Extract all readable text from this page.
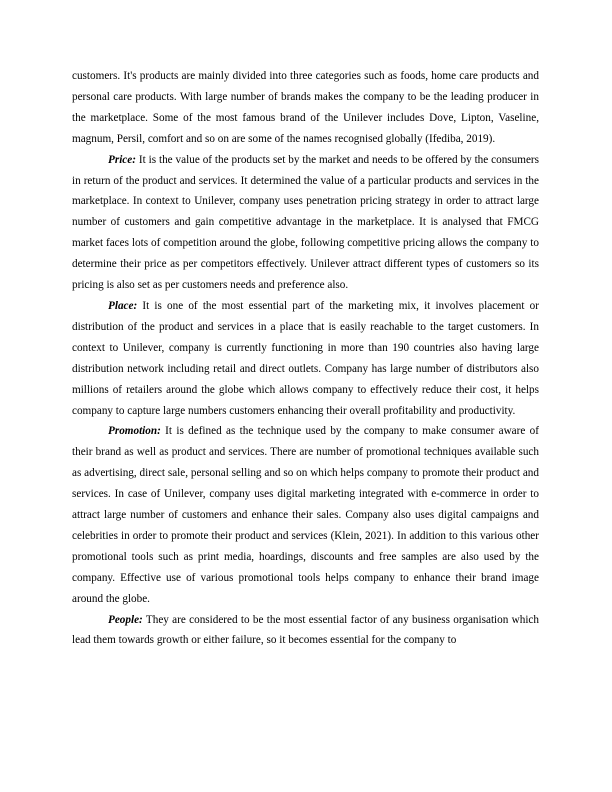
customers. It's products are mainly divided into three categories such as foods, home care products and personal care products. With large number of brands makes the company to be the leading producer in the marketplace. Some of the most famous brand of the Unilever includes Dove, Lipton, Vaseline, magnum, Persil, comfort and so on are some of the names recognised globally (Ifediba, 2019).

Price: It is the value of the products set by the market and needs to be offered by the consumers in return of the product and services. It determined the value of a particular products and services in the marketplace. In context to Unilever, company uses penetration pricing strategy in order to attract large number of customers and gain competitive advantage in the marketplace. It is analysed that FMCG market faces lots of competition around the globe, following competitive pricing allows the company to determine their price as per competitors effectively. Unilever attract different types of customers so its pricing is also set as per customers needs and preference also.

Place: It is one of the most essential part of the marketing mix, it involves placement or distribution of the product and services in a place that is easily reachable to the target customers. In context to Unilever, company is currently functioning in more than 190 countries also having large distribution network including retail and direct outlets. Company has large number of distributors also millions of retailers around the globe which allows company to effectively reduce their cost, it helps company to capture large numbers customers enhancing their overall profitability and productivity.

Promotion: It is defined as the technique used by the company to make consumer aware of their brand as well as product and services. There are number of promotional techniques available such as advertising, direct sale, personal selling and so on which helps company to promote their product and services. In case of Unilever, company uses digital marketing integrated with e-commerce in order to attract large number of customers and enhance their sales. Company also uses digital campaigns and celebrities in order to promote their product and services (Klein, 2021). In addition to this various other promotional tools such as print media, hoardings, discounts and free samples are also used by the company. Effective use of various promotional tools helps company to enhance their brand image around the globe.

People: They are considered to be the most essential factor of any business organisation which lead them towards growth or either failure, so it becomes essential for the company to
